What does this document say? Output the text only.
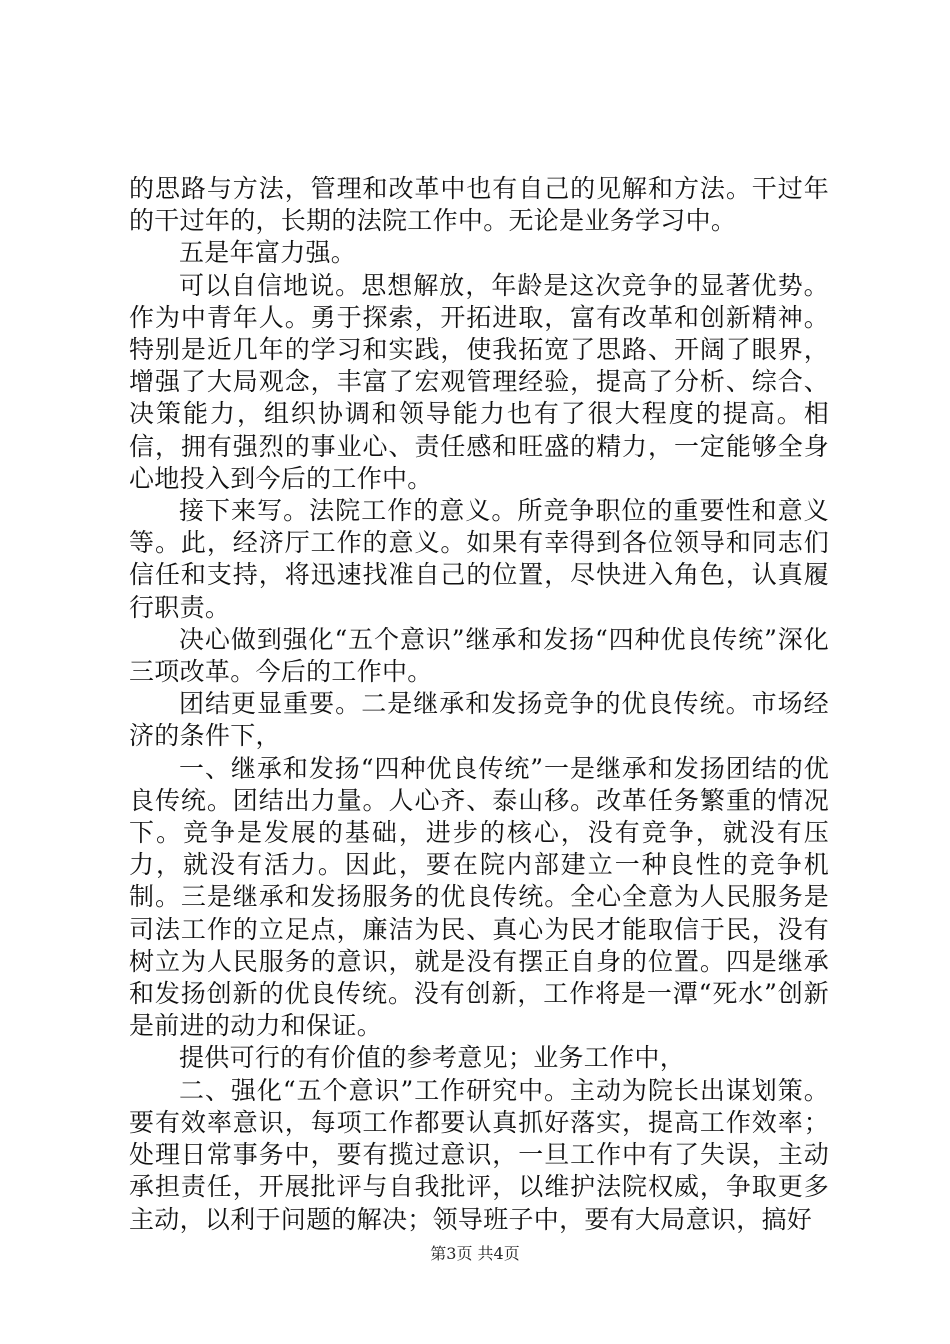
的思路与方法，管理和改革中也有自己的见解和方法。干过年的干过年的，长期的法院工作中。无论是业务学习中。

五是年富力强。

可以自信地说。思想解放，年龄是这次竞争的显著优势。作为中青年人。勇于探索，开拓进取，富有改革和创新精神。特别是近几年的学习和实践，使我拓宽了思路、开阔了眼界，增强了大局观念，丰富了宏观管理经验，提高了分析、综合、决策能力，组织协调和领导能力也有了很大程度的提高。相信，拥有强烈的事业心、责任感和旺盛的精力，一定能够全身心地投入到今后的工作中。

接下来写。法院工作的意义。所竞争职位的重要性和意义等。此，经济厅工作的意义。如果有幸得到各位领导和同志们信任和支持，将迅速找准自己的位置，尽快进入角色，认真履行职责。

决心做到强化“五个意识”继承和发扬“四种优良传统”深化三项改革。今后的工作中。

团结更显重要。二是继承和发扬竞争的优良传统。市场经济的条件下，

一、继承和发扬“四种优良传统”一是继承和发扬团结的优良传统。团结出力量。人心齐、泰山移。改革任务繁重的情况下。竞争是发展的基础，进步的核心，没有竞争，就没有压力，就没有活力。因此，要在院内部建立一种良性的竞争机制。三是继承和发扬服务的优良传统。全心全意为人民服务是司法工作的立足点，廉洁为民、真心为民才能取信于民，没有树立为人民服务的意识，就是没有摆正自身的位置。四是继承和发扬创新的优良传统。没有创新，工作将是一潭“死水”创新是前进的动力和保证。

提供可行的有价值的参考意见；业务工作中，

二、强化“五个意识”工作研究中。主动为院长出谋划策。要有效率意识，每项工作都要认真抓好落实，提高工作效率；处理日常事务中，要有揽过意识，一旦工作中有了失误，主动承担责任，开展批评与自我批评，以维护法院权威，争取更多主动，以利于问题的解决；领导班子中，要有大局意识，搞好

第3页 共4页
